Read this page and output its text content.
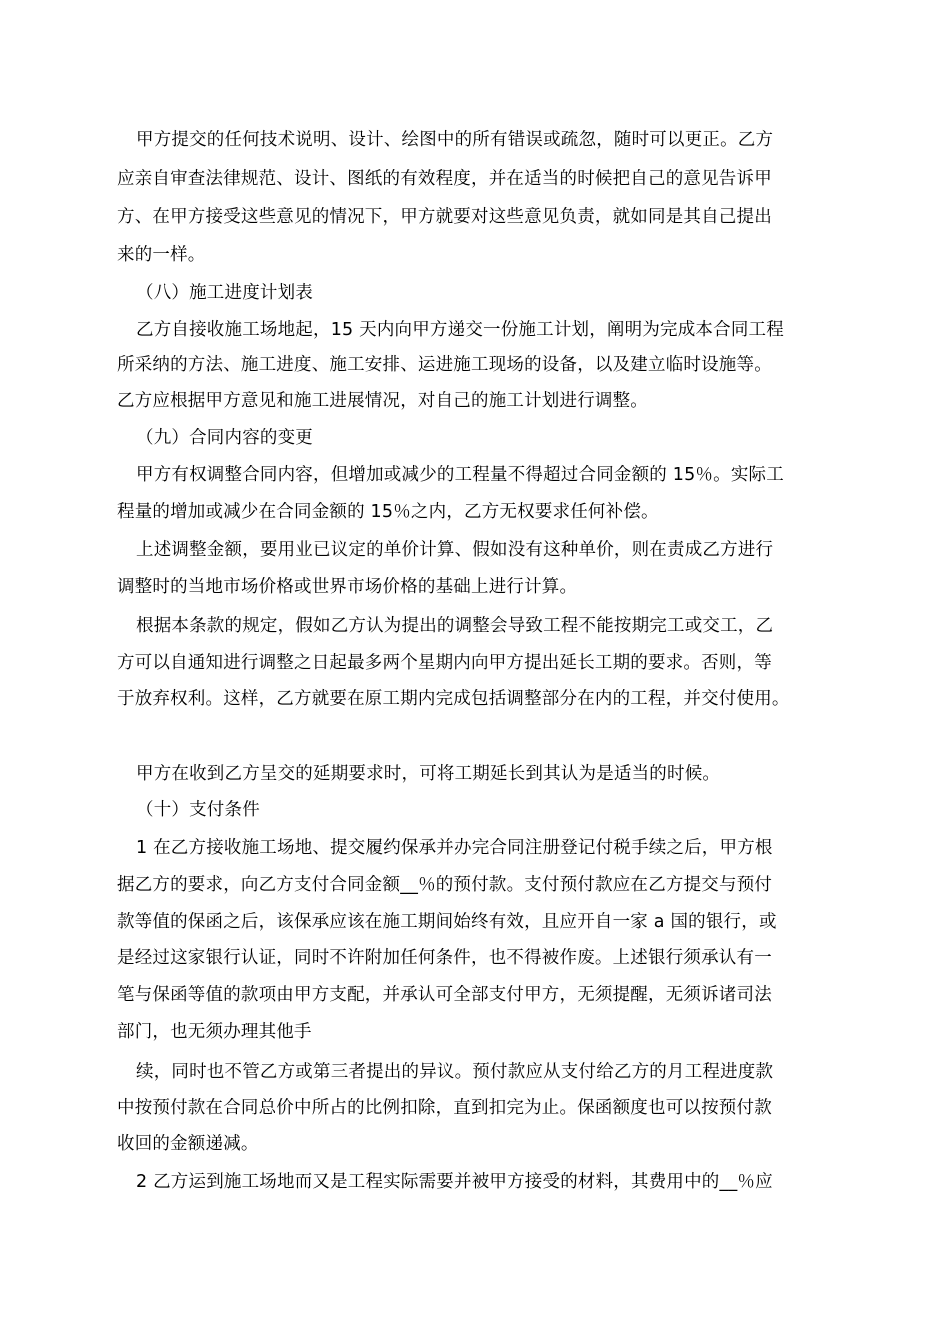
甲方提交的任何技术说明、设计、绘图中的所有错误或疏忽，随时可以更正。乙方
应亲自审查法律规范、设计、图纸的有效程度，并在适当的时候把自己的意见告诉甲
方、在甲方接受这些意见的情况下，甲方就要对这些意见负责，就如同是其自己提出
来的一样。
（八）施工进度计划表
乙方自接收施工场地起，15 天内向甲方递交一份施工计划，阐明为完成本合同工程
所采纳的方法、施工进度、施工安排、运进施工现场的设备，以及建立临时设施等。
乙方应根据甲方意见和施工进展情况，对自己的施工计划进行调整。
（九）合同内容的变更
甲方有权调整合同内容，但增加或减少的工程量不得超过合同金额的 15％。实际工
程量的增加或减少在合同金额的 15％之内，乙方无权要求任何补偿。
上述调整金额，要用业已议定的单价计算、假如没有这种单价，则在责成乙方进行
调整时的当地市场价格或世界市场价格的基础上进行计算。
根据本条款的规定，假如乙方认为提出的调整会导致工程不能按期完工或交工，乙
方可以自通知进行调整之日起最多两个星期内向甲方提出延长工期的要求。否则，等
于放弃权利。这样，乙方就要在原工期内完成包括调整部分在内的工程，并交付使用。
甲方在收到乙方呈交的延期要求时，可将工期延长到其认为是适当的时候。
（十）支付条件
1 在乙方接收施工场地、提交履约保承并办完合同注册登记付税手续之后，甲方根
据乙方的要求，向乙方支付合同金额__％的预付款。支付预付款应在乙方提交与预付
款等值的保函之后，该保承应该在施工期间始终有效，且应开自一家 a 国的银行，或
是经过这家银行认证，同时不许附加任何条件，也不得被作废。上述银行须承认有一
笔与保函等值的款项由甲方支配，并承认可全部支付甲方，无须提醒，无须诉诸司法
部门，也无须办理其他手
续，同时也不管乙方或第三者提出的异议。预付款应从支付给乙方的月工程进度款
中按预付款在合同总价中所占的比例扣除，直到扣完为止。保函额度也可以按预付款
收回的金额递减。
2 乙方运到施工场地而又是工程实际需要并被甲方接受的材料，其费用中的__％应
